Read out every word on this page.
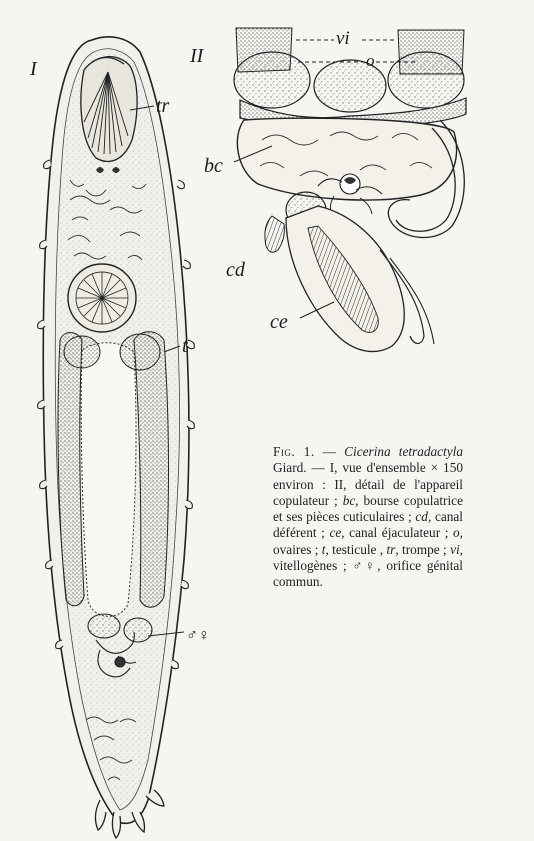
I
tr
t
♂♀
II
vi
o
bc
cd
ce
Fig. 1. — Cicerina tetradactyla Giard. — I, vue d'ensemble × 150 environ : II, détail de l'appareil copulateur ; bc, bourse copulatrice et ses pièces cuticulaires ; cd, canal déférent ; ce, canal éjaculateur ; o, ovaires ; t, testicule , tr, trompe ; vi, vitellogènes ; ♂♀, orifice génital commun.
